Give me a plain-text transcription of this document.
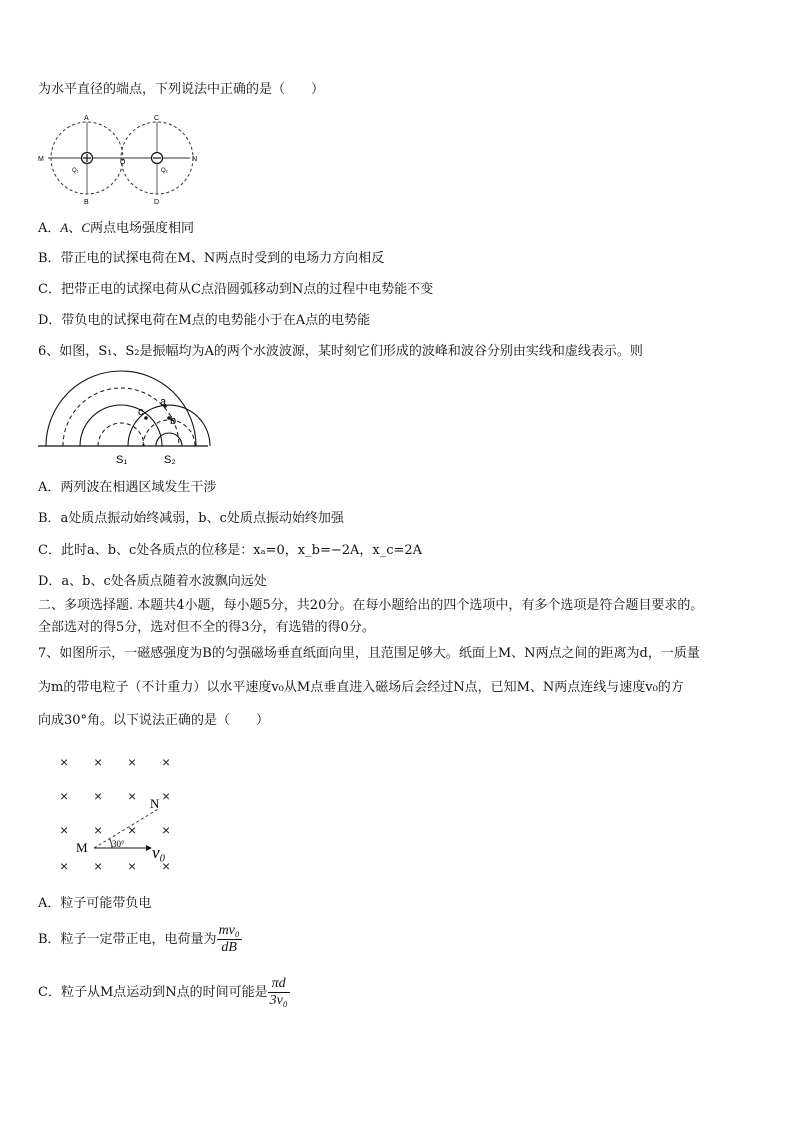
为水平直径的端点，下列说法中正确的是（　　）
A
B
C
D
M	N
O
Q₁	Q₂
A．A、C两点电场强度相同
B．带正电的试探电荷在M、N两点时受到的电场力方向相反
C．把带正电的试探电荷从C点沿圆弧移动到N点的过程中电势能不变
D．带负电的试探电荷在M点的电势能小于在A点的电势能
6、如图，S₁、S₂是振幅均为A的两个水波波源，某时刻它们形成的波峰和波谷分别由实线和虚线表示。则
a
b
c
S₁	S₂
A．两列波在相遇区域发生干涉
B．a处质点振动始终减弱，b、c处质点振动始终加强
C．此时a、b、c处各质点的位移是：xₐ=0，x_b=−2A，x_c=2A
D．a、b、c处各质点随着水波飘向远处
二、多项选择题. 本题共4小题，每小题5分，共20分。在每小题给出的四个选项中，有多个选项是符合题目要求的。
全部选对的得5分，选对但不全的得3分，有选错的得0分。
7、如图所示，一磁感强度为B的匀强磁场垂直纸面向里，且范围足够大。纸面上M、N两点之间的距离为d，一质量
为m的带电粒子（不计重力）以水平速度v₀从M点垂直进入磁场后会经过N点，已知M、N两点连线与速度v₀的方
向成30°角。以下说法正确的是（　　）
× × × ×
× × × ×
× × × ×
× × × ×
M
N
30° v₀
A．粒子可能带负电
B．粒子一定带正电，电荷量为 $\frac{\text{mv₀}}{dB}$
C．粒子从M点运动到N点的时间可能是 $\frac{\pi d}{\text{3v₀}}$
